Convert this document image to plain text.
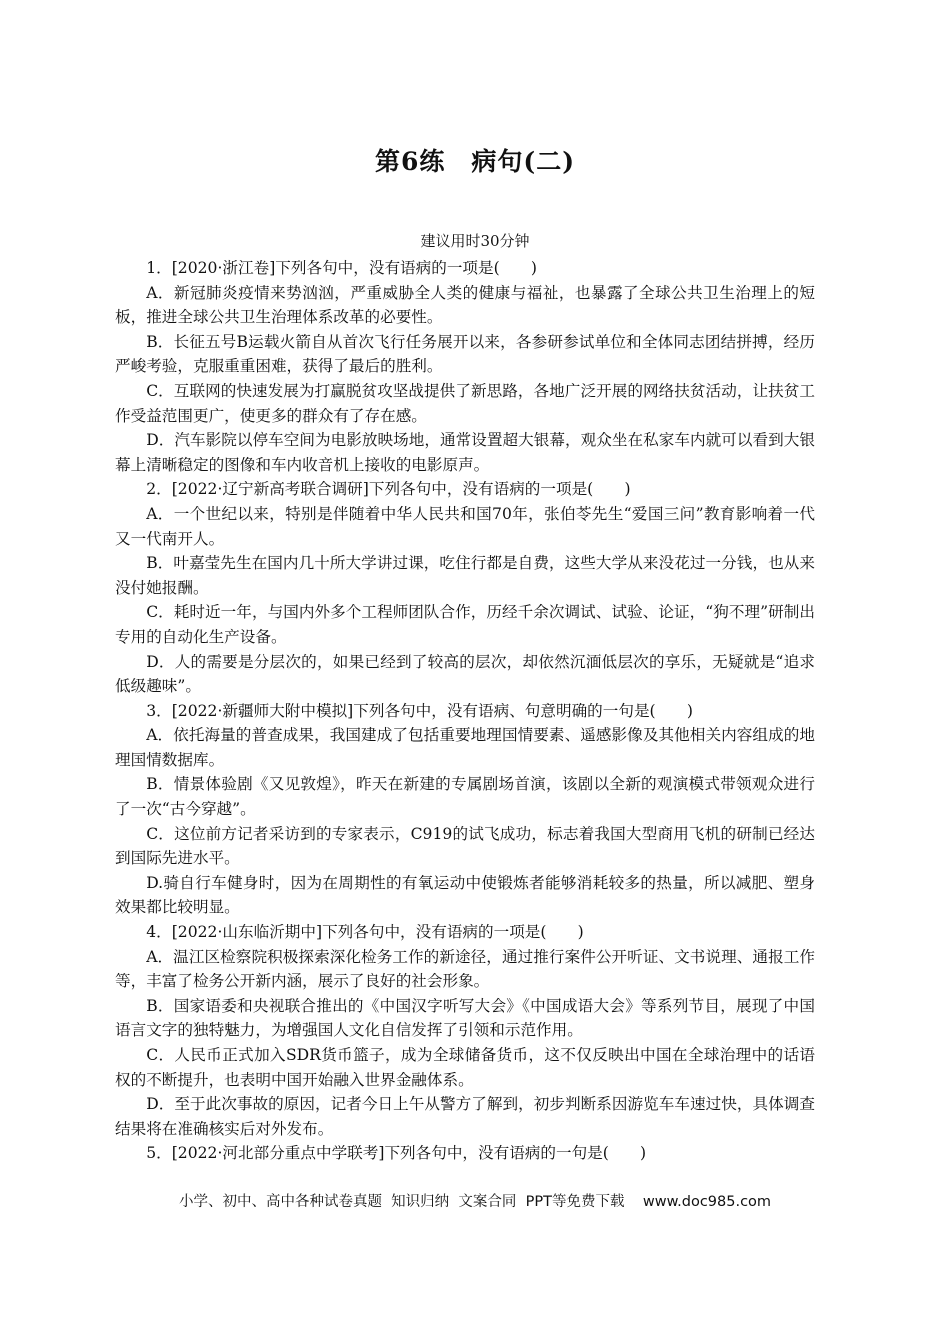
第6练　病句(二)
建议用时30分钟

1．[2020·浙江卷]下列各句中，没有语病的一项是(　　)

A．新冠肺炎疫情来势汹汹，严重威胁全人类的健康与福祉，也暴露了全球公共卫生治理上的短板，推进全球公共卫生治理体系改革的必要性。

B．长征五号B运载火箭自从首次飞行任务展开以来，各参研参试单位和全体同志团结拼搏，经历严峻考验，克服重重困难，获得了最后的胜利。

C．互联网的快速发展为打赢脱贫攻坚战提供了新思路，各地广泛开展的网络扶贫活动，让扶贫工作受益范围更广，使更多的群众有了存在感。

D．汽车影院以停车空间为电影放映场地，通常设置超大银幕，观众坐在私家车内就可以看到大银幕上清晰稳定的图像和车内收音机上接收的电影原声。

2．[2022·辽宁新高考联合调研]下列各句中，没有语病的一项是(　　)

A．一个世纪以来，特别是伴随着中华人民共和国70年，张伯苓先生“爱国三问”教育影响着一代又一代南开人。

B．叶嘉莹先生在国内几十所大学讲过课，吃住行都是自费，这些大学从来没花过一分钱，也从来没付她报酬。

C．耗时近一年，与国内外多个工程师团队合作，历经千余次调试、试验、论证，“狗不理”研制出专用的自动化生产设备。

D．人的需要是分层次的，如果已经到了较高的层次，却依然沉湎低层次的享乐，无疑就是“追求低级趣味”。

3．[2022·新疆师大附中模拟]下列各句中，没有语病、句意明确的一句是(　　)

A．依托海量的普查成果，我国建成了包括重要地理国情要素、遥感影像及其他相关内容组成的地理国情数据库。

B．情景体验剧《又见敦煌》，昨天在新建的专属剧场首演，该剧以全新的观演模式带领观众进行了一次“古今穿越”。

C．这位前方记者采访到的专家表示，C919的试飞成功，标志着我国大型商用飞机的研制已经达到国际先进水平。

D.骑自行车健身时，因为在周期性的有氧运动中使锻炼者能够消耗较多的热量，所以减肥、塑身效果都比较明显。

4．[2022·山东临沂期中]下列各句中，没有语病的一项是(　　)

A．温江区检察院积极探索深化检务工作的新途径，通过推行案件公开听证、文书说理、通报工作等，丰富了检务公开新内涵，展示了良好的社会形象。

B．国家语委和央视联合推出的《中国汉字听写大会》《中国成语大会》等系列节目，展现了中国语言文字的独特魅力，为增强国人文化自信发挥了引领和示范作用。

C．人民币正式加入SDR货币篮子，成为全球储备货币，这不仅反映出中国在全球治理中的话语权的不断提升，也表明中国开始融入世界金融体系。

D．至于此次事故的原因，记者今日上午从警方了解到，初步判断系因游览车车速过快，具体调查结果将在准确核实后对外发布。

5．[2022·河北部分重点中学联考]下列各句中，没有语病的一句是(　　)

小学、初中、高中各种试卷真题  知识归纳  文案合同  PPT等免费下载    www.doc985.com
